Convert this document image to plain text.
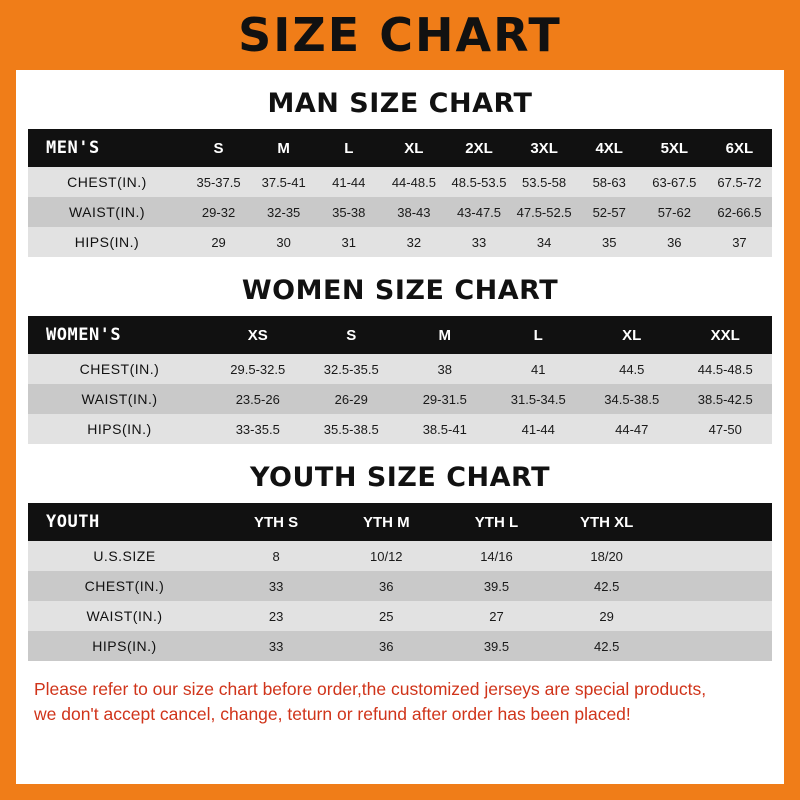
SIZE CHART
MAN SIZE CHART
MEN'S	S	M	L	XL	2XL	3XL	4XL	5XL	6XL
CHEST(IN.)	35-37.5	37.5-41	41-44	44-48.5	48.5-53.5	53.5-58	58-63	63-67.5	67.5-72
WAIST(IN.)	29-32	32-35	35-38	38-43	43-47.5	47.5-52.5	52-57	57-62	62-66.5
HIPS(IN.)	29	30	31	32	33	34	35	36	37
WOMEN SIZE CHART
WOMEN'S	XS	S	M	L	XL	XXL
CHEST(IN.)	29.5-32.5	32.5-35.5	38	41	44.5	44.5-48.5
WAIST(IN.)	23.5-26	26-29	29-31.5	31.5-34.5	34.5-38.5	38.5-42.5
HIPS(IN.)	33-35.5	35.5-38.5	38.5-41	41-44	44-47	47-50
YOUTH SIZE CHART
YOUTH	YTH S	YTH M	YTH L	YTH XL	
U.S.SIZE	8	10/12	14/16	18/20	
CHEST(IN.)	33	36	39.5	42.5	
WAIST(IN.)	23	25	27	29	
HIPS(IN.)	33	36	39.5	42.5	
Please refer to our size chart before order,the customized jerseys are special products,
we don't accept cancel, change, teturn or refund after order has been placed!
